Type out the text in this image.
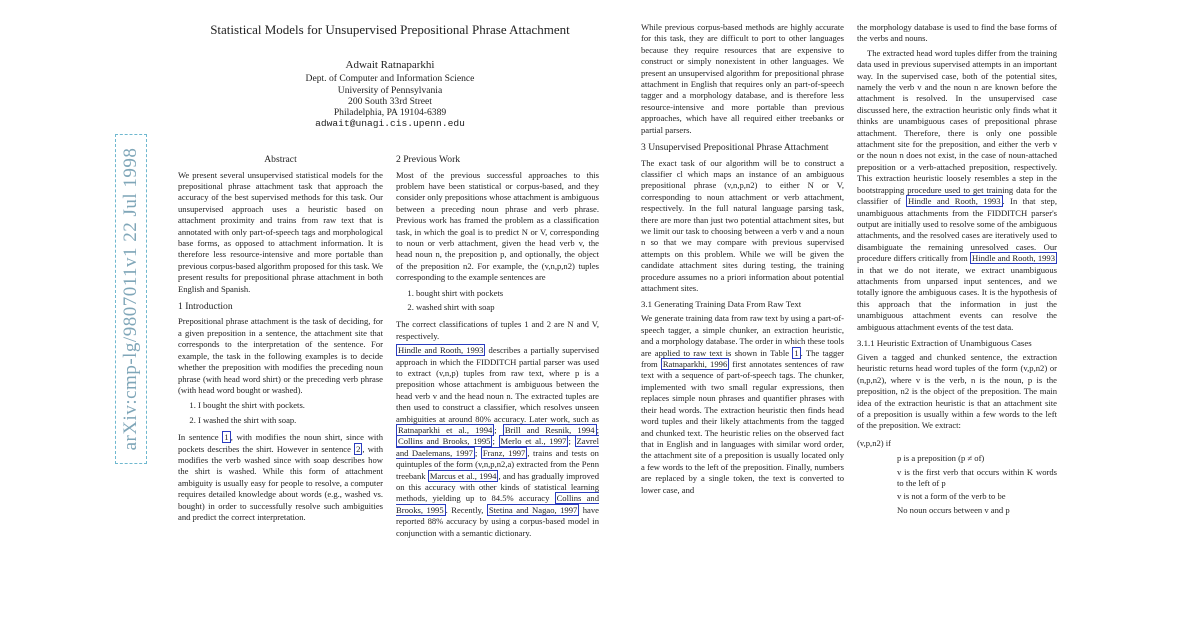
arXiv:cmp-lg/9807011v1 22 Jul 1998
Statistical Models for Unsupervised Prepositional Phrase Attachment
Adwait Ratnaparkhi
Dept. of Computer and Information Science
University of Pennsylvania
200 South 33rd Street
Philadelphia, PA 19104-6389
adwait@unagi.cis.upenn.edu
Abstract

We present several unsupervised statistical models for the prepositional phrase attachment task that approach the accuracy of the best supervised methods for this task. Our unsupervised approach uses a heuristic based on attachment proximity and trains from raw text that is annotated with only part-of-speech tags and morphological base forms, as opposed to attachment information. It is therefore less resource-intensive and more portable than previous corpus-based algorithm proposed for this task. We present results for prepositional phrase attachment in both English and Spanish.

1 Introduction

Prepositional phrase attachment is the task of deciding, for a given preposition in a sentence, the attachment site that corresponds to the interpretation of the sentence. For example, the task in the following examples is to decide whether the preposition with modifies the preceding noun phrase (with head word shirt) or the preceding verb phrase (with head word bought or washed).

1. I bought the shirt with pockets.
2. I washed the shirt with soap.

In sentence 1 , with modifies the noun shirt, since with pockets describes the shirt. However in sentence 2 , with modifies the verb washed since with soap describes how the shirt is washed. While this form of attachment ambiguity is usually easy for people to resolve, a computer requires detailed knowledge about words (e.g., washed vs. bought) in order to successfully resolve such ambiguities and predict the correct interpretation.

2 Previous Work

Most of the previous successful approaches to this problem have been statistical or corpus-based, and they consider only prepositions whose attachment is ambiguous between a preceding noun phrase and verb phrase. Previous work has framed the problem as a classification task, in which the goal is to predict N or V, corresponding to noun or verb attachment, given the head verb v, the head noun n, the preposition p, and optionally, the object of the preposition n2. For example, the (v,n,p,n2) tuples corresponding to the example sentences are

1. bought shirt with pockets
2. washed shirt with soap

The correct classifications of tuples 1 and 2 are N and V, respectively.

Hindle and Rooth, 1993 describes a partially supervised approach in which the FIDDITCH partial parser was used to extract (v,n,p) tuples from raw text, where p is a preposition whose attachment is ambiguous between the head verb v and the head noun n. The extracted tuples are then used to construct a classifier, which resolves unseen ambiguities at around 80% accuracy. Later work, such as Ratnaparkhi et al., 1994 ; Brill and Resnik, 1994 ; Collins and Brooks, 1995 ; Merlo et al., 1997 ; Zavrel and Daelemans, 1997 ; Franz, 1997 , trains and tests on quintuples of the form (v,n,p,n2,a) extracted from the Penn treebank Marcus et al., 1994 , and has gradually improved on this accuracy with other kinds of statistical learning methods, yielding up to 84.5% accuracy Collins and Brooks, 1995 . Recently, Stetina and Nagao, 1997 have reported 88% accuracy by using a corpus-based model in conjunction with a semantic dictionary.

While previous corpus-based methods are highly accurate for this task, they are difficult to port to other languages because they require resources that are expensive to construct or simply nonexistent in other languages. We present an unsupervised algorithm for prepositional phrase attachment in English that requires only an part-of-speech tagger and a morphology database, and is therefore less resource-intensive and more portable than previous approaches, which have all required either treebanks or partial parsers.

3 Unsupervised Prepositional Phrase Attachment

The exact task of our algorithm will be to construct a classifier cl which maps an instance of an ambiguous prepositional phrase (v,n,p,n2) to either N or V, corresponding to noun attachment or verb attachment, respectively. In the full natural language parsing task, there are more than just two potential attachment sites, but we limit our task to choosing between a verb v and a noun n so that we may compare with previous supervised attempts on this problem. While we will be given the candidate attachment sites during testing, the training procedure assumes no a priori information about potential attachment sites.

3.1 Generating Training Data From Raw Text

We generate training data from raw text by using a part-of-speech tagger, a simple chunker, an extraction heuristic, and a morphology database. The order in which these tools are applied to raw text is shown in Table 1 . The tagger from Ratnaparkhi, 1996 first annotates sentences of raw text with a sequence of part-of-speech tags. The chunker, implemented with two small regular expressions, then replaces simple noun phrases and quantifier phrases with their head words. The extraction heuristic then finds head word tuples and their likely attachments from the tagged and chunked text. The heuristic relies on the observed fact that in English and in languages with similar word order, the attachment site of a preposition is usually located only a few words to the left of the preposition. Finally, numbers are replaced by a single token, the text is converted to lower case, and

the morphology database is used to find the base forms of the verbs and nouns.

The extracted head word tuples differ from the training data used in previous supervised attempts in an important way. In the supervised case, both of the potential sites, namely the verb v and the noun n are known before the attachment is resolved. In the unsupervised case discussed here, the extraction heuristic only finds what it thinks are unambiguous cases of prepositional phrase attachment. Therefore, there is only one possible attachment site for the preposition, and either the verb v or the noun n does not exist, in the case of noun-attached preposition or a verb-attached preposition, respectively. This extraction heuristic loosely resembles a step in the bootstrapping procedure used to get training data for the classifier of Hindle and Rooth, 1993 . In that step, unambiguous attachments from the FIDDITCH parser's output are initially used to resolve some of the ambiguous attachments, and the resolved cases are iteratively used to disambiguate the remaining unresolved cases. Our procedure differs critically from Hindle and Rooth, 1993 in that we do not iterate, we extract unambiguous attachments from unparsed input sentences, and we totally ignore the ambiguous cases. It is the hypothesis of this approach that the information in just the unambiguous attachment events can resolve the ambiguous attachment events of the test data.

3.1.1 Heuristic Extraction of Unambiguous Cases

Given a tagged and chunked sentence, the extraction heuristic returns head word tuples of the form (v,p,n2) or (n,p,n2), where v is the verb, n is the noun, p is the preposition, n2 is the object of the preposition. The main idea of the extraction heuristic is that an attachment site of a preposition is usually within a few words to the left of the preposition. We extract:

(v,p,n2) if
p is a preposition (p ≠ of)
v is the first verb that occurs within K words to the left of p
v is not a form of the verb to be
No noun occurs between v and p
